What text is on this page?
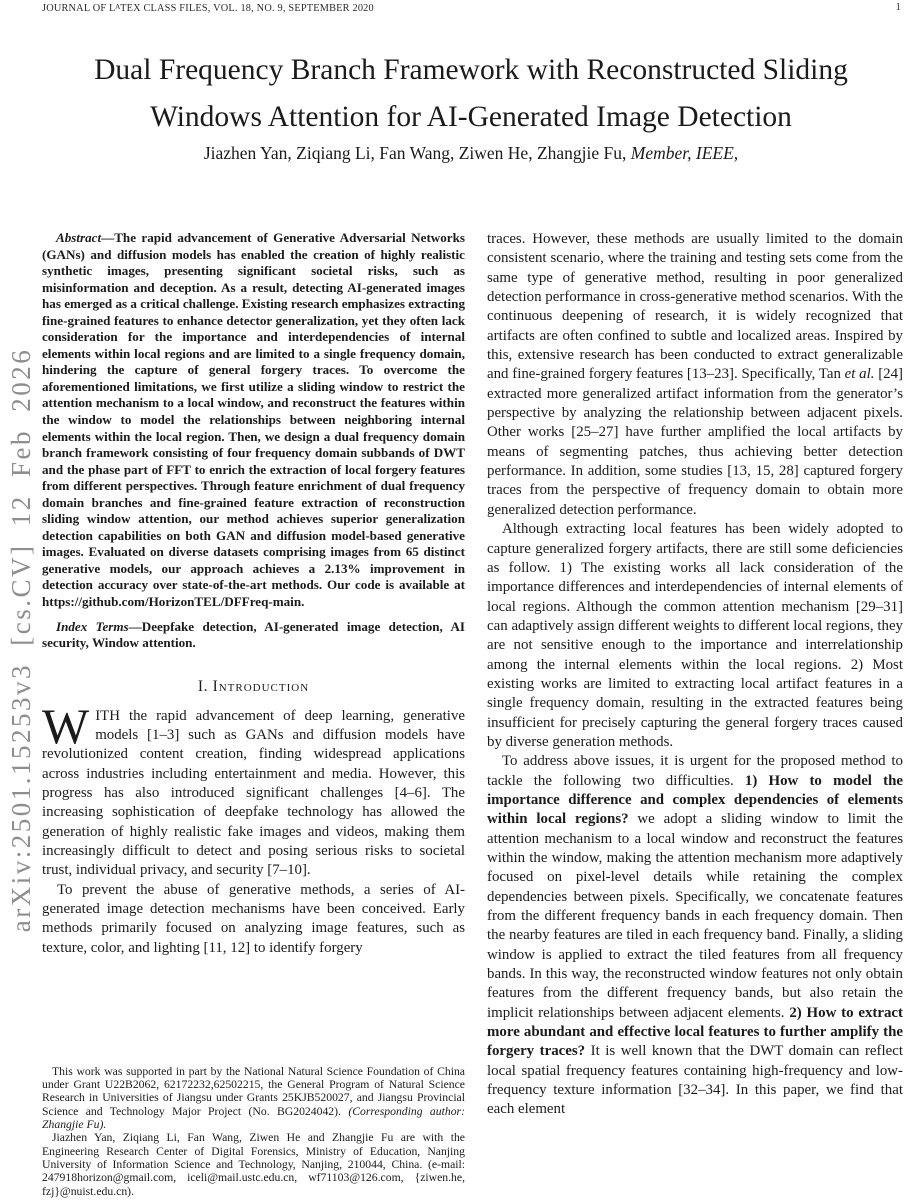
JOURNAL OF $L^ATEX$ CLASS FILES, VOL. 18, NO. 9, SEPTEMBER 2020	1
arXiv:2501.15253v3 [cs.CV] 12 Feb 2026
Dual Frequency Branch Framework with Reconstructed Sliding Windows Attention for AI-Generated Image Detection
Jiazhen Yan, Ziqiang Li, Fan Wang, Ziwen He, Zhangjie Fu, Member, IEEE,

Abstract—The rapid advancement of Generative Adversarial Networks (GANs) and diffusion models has enabled the creation of highly realistic synthetic images, presenting significant societal risks, such as misinformation and deception. As a result, detecting AI-generated images has emerged as a critical challenge. Existing research emphasizes extracting fine-grained features to enhance detector generalization, yet they often lack consideration for the importance and interdependencies of internal elements within local regions and are limited to a single frequency domain, hindering the capture of general forgery traces. To overcome the aforementioned limitations, we first utilize a sliding window to restrict the attention mechanism to a local window, and reconstruct the features within the window to model the relationships between neighboring internal elements within the local region. Then, we design a dual frequency domain branch framework consisting of four frequency domain subbands of DWT and the phase part of FFT to enrich the extraction of local forgery features from different perspectives. Through feature enrichment of dual frequency domain branches and fine-grained feature extraction of reconstruction sliding window attention, our method achieves superior generalization detection capabilities on both GAN and diffusion model-based generative images. Evaluated on diverse datasets comprising images from 65 distinct generative models, our approach achieves a 2.13% improvement in detection accuracy over state-of-the-art methods. Our code is available at https://github.com/HorizonTEL/DFFreq-main.

Index Terms—Deepfake detection, AI-generated image detection, AI security, Window attention.

I. Introduction

WITH the rapid advancement of deep learning, generative models [1–3] such as GANs and diffusion models have revolutionized content creation, finding widespread applications across industries including entertainment and media. However, this progress has also introduced significant challenges [4–6]. The increasing sophistication of deepfake technology has allowed the generation of highly realistic fake images and videos, making them increasingly difficult to detect and posing serious risks to societal trust, individual privacy, and security [7–10].

To prevent the abuse of generative methods, a series of AI-generated image detection mechanisms have been conceived. Early methods primarily focused on analyzing image features, such as texture, color, and lighting [11, 12] to identify forgery

This work was supported in part by the National Natural Science Foundation of China under Grant U22B2062, 62172232,62502215, the General Program of Natural Science Research in Universities of Jiangsu under Grants 25KJB520027, and Jiangsu Provincial Science and Technology Major Project (No. BG2024042). (Corresponding author: Zhangjie Fu).

Jiazhen Yan, Ziqiang Li, Fan Wang, Ziwen He and Zhangjie Fu are with the Engineering Research Center of Digital Forensics, Ministry of Education, Nanjing University of Information Science and Technology, Nanjing, 210044, China. (e-mail: 247918horizon@gmail.com, iceli@mail.ustc.edu.cn, wf71103@126.com, {ziwen.he, fzj}@nuist.edu.cn).

traces. However, these methods are usually limited to the domain consistent scenario, where the training and testing sets come from the same type of generative method, resulting in poor generalized detection performance in cross-generative method scenarios. With the continuous deepening of research, it is widely recognized that artifacts are often confined to subtle and localized areas. Inspired by this, extensive research has been conducted to extract generalizable and fine-grained forgery features [13–23]. Specifically, Tan et al. [24] extracted more generalized artifact information from the generator’s perspective by analyzing the relationship between adjacent pixels. Other works [25–27] have further amplified the local artifacts by means of segmenting patches, thus achieving better detection performance. In addition, some studies [13, 15, 28] captured forgery traces from the perspective of frequency domain to obtain more generalized detection performance.

Although extracting local features has been widely adopted to capture generalized forgery artifacts, there are still some deficiencies as follow. 1) The existing works all lack consideration of the importance differences and interdependencies of internal elements of local regions. Although the common attention mechanism [29–31] can adaptively assign different weights to different local regions, they are not sensitive enough to the importance and interrelationship among the internal elements within the local regions. 2) Most existing works are limited to extracting local artifact features in a single frequency domain, resulting in the extracted features being insufficient for precisely capturing the general forgery traces caused by diverse generation methods.

To address above issues, it is urgent for the proposed method to tackle the following two difficulties. 1) How to model the importance difference and complex dependencies of elements within local regions? we adopt a sliding window to limit the attention mechanism to a local window and reconstruct the features within the window, making the attention mechanism more adaptively focused on pixel-level details while retaining the complex dependencies between pixels. Specifically, we concatenate features from the different frequency bands in each frequency domain. Then the nearby features are tiled in each frequency band. Finally, a sliding window is applied to extract the tiled features from all frequency bands. In this way, the reconstructed window features not only obtain features from the different frequency bands, but also retain the implicit relationships between adjacent elements. 2) How to extract more abundant and effective local features to further amplify the forgery traces? It is well known that the DWT domain can reflect local spatial frequency features containing high-frequency and low-frequency texture information [32–34]. In this paper, we find that each element
